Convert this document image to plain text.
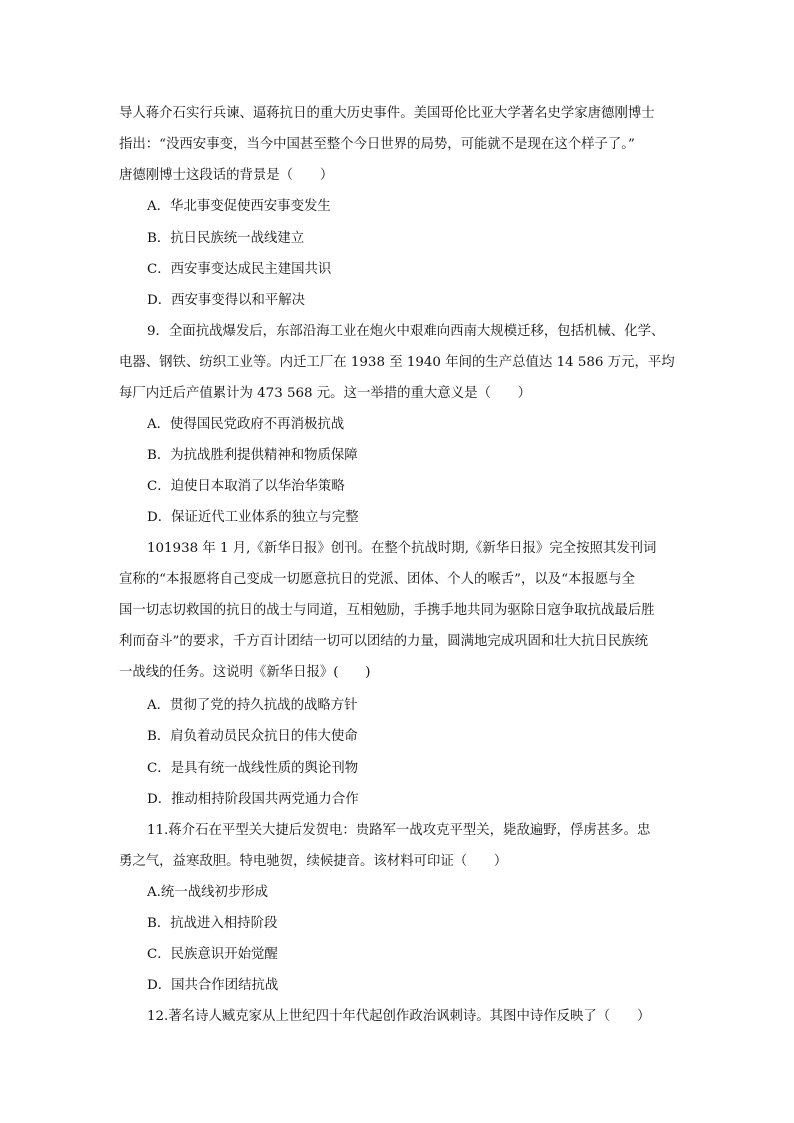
导人蒋介石实行兵谏、逼蒋抗日的重大历史事件。美国哥伦比亚大学著名史学家唐德刚博士
指出：“没西安事变，当今中国甚至整个今日世界的局势，可能就不是现在这个样子了。”
唐德刚博士这段话的背景是（　　）
A．华北事变促使西安事变发生
B．抗日民族统一战线建立
C．西安事变达成民主建国共识
D．西安事变得以和平解决
9．全面抗战爆发后，东部沿海工业在炮火中艰难向西南大规模迁移，包括机械、化学、
电器、钢铁、纺织工业等。内迁工厂在 1938 至 1940 年间的生产总值达 14 586 万元，平均
每厂内迁后产值累计为 473 568 元。这一举措的重大意义是（　　）
A．使得国民党政府不再消极抗战
B．为抗战胜利提供精神和物质保障
C．迫使日本取消了以华治华策略
D．保证近代工业体系的独立与完整
101938 年 1 月,《新华日报》创刊。在整个抗战时期,《新华日报》完全按照其发刊词
宣称的“本报愿将自己变成一切愿意抗日的党派、团体、个人的喉舌”，以及“本报愿与全
国一切志切救国的抗日的战士与同道，互相勉励，手携手地共同为驱除日寇争取抗战最后胜
利而奋斗”的要求，千方百计团结一切可以团结的力量，圆满地完成巩固和壮大抗日民族统
一战线的任务。这说明《新华日报》(　　)
A．贯彻了党的持久抗战的战略方针
B．肩负着动员民众抗日的伟大使命
C．是具有统一战线性质的舆论刊物
D．推动相持阶段国共两党通力合作
11.蒋介石在平型关大捷后发贺电：贵路军一战攻克平型关，毙敌遍野，俘虏甚多。忠
勇之气，益寒敌胆。特电驰贺，续候捷音。该材料可印证（　　）
A.统一战线初步形成
B．抗战进入相持阶段
C．民族意识开始觉醒
D．国共合作团结抗战
12.著名诗人臧克家从上世纪四十年代起创作政治讽刺诗。其图中诗作反映了（　　）
